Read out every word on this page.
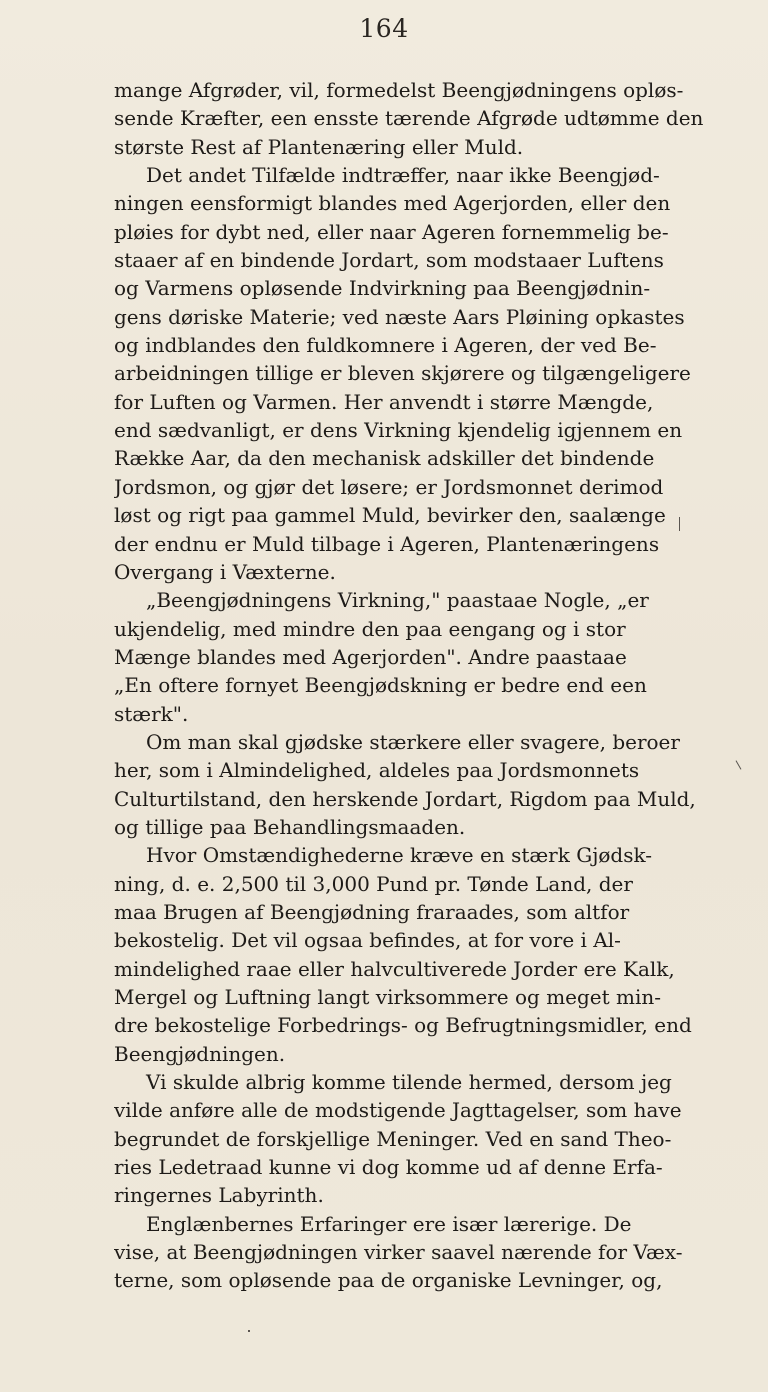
164
mange Afgrøder, vil, formedelst Beengjødningens opløs-
sende Kræfter, een ensste tærende Afgrøde udtømme den
største Rest af Plantenæring eller Muld.
Det andet Tilfælde indtræffer, naar ikke Beengjød-
ningen eensformigt blandes med Agerjorden, eller den
pløies for dybt ned, eller naar Ageren fornemmelig be-
staaer af en bindende Jordart, som modstaaer Luftens
og Varmens opløsende Indvirkning paa Beengjødnin-
gens døriske Materie; ved næste Aars Pløining opkastes
og indblandes den fuldkomnere i Ageren, der ved Be-
arbeidningen tillige er bleven skjørere og tilgængeligere
for Luften og Varmen. Her anvendt i større Mængde,
end sædvanligt, er dens Virkning kjendelig igjennem en
Række Aar, da den mechanisk adskiller det bindende
Jordsmon, og gjør det løsere; er Jordsmonnet derimod
løst og rigt paa gammel Muld, bevirker den, saalænge
der endnu er Muld tilbage i Ageren, Plantenæringens
Overgang i Væxterne.
„Beengjødningens Virkning," paastaae Nogle, „er
ukjendelig, med mindre den paa eengang og i stor
Mænge blandes med Agerjorden". Andre paastaae
„En oftere fornyet Beengjødskning er bedre end een
stærk".
Om man skal gjødske stærkere eller svagere, beroer
her, som i Almindelighed, aldeles paa Jordsmonnets
Culturtilstand, den herskende Jordart, Rigdom paa Muld,
og tillige paa Behandlingsmaaden.
Hvor Omstændighederne kræve en stærk Gjødsk-
ning, d. e. 2,500 til 3,000 Pund pr. Tønde Land, der
maa Brugen af Beengjødning fraraades, som altfor
bekostelig. Det vil ogsaa befindes, at for vore i Al-
mindelighed raae eller halvcultiverede Jorder ere Kalk,
Mergel og Luftning langt virksommere og meget min-
dre bekostelige Forbedrings- og Befrugtningsmidler, end
Beengjødningen.
Vi skulde albrig komme tilende hermed, dersom jeg
vilde anføre alle de modstigende Jagttagelser, som have
begrundet de forskjellige Meninger. Ved en sand Theo-
ries Ledetraad kunne vi dog komme ud af denne Erfa-
ringernes Labyrinth.
Englænbernes Erfaringer ere især lærerige. De
vise, at Beengjødningen virker saavel nærende for Væx-
terne, som opløsende paa de organiske Levninger, og,
